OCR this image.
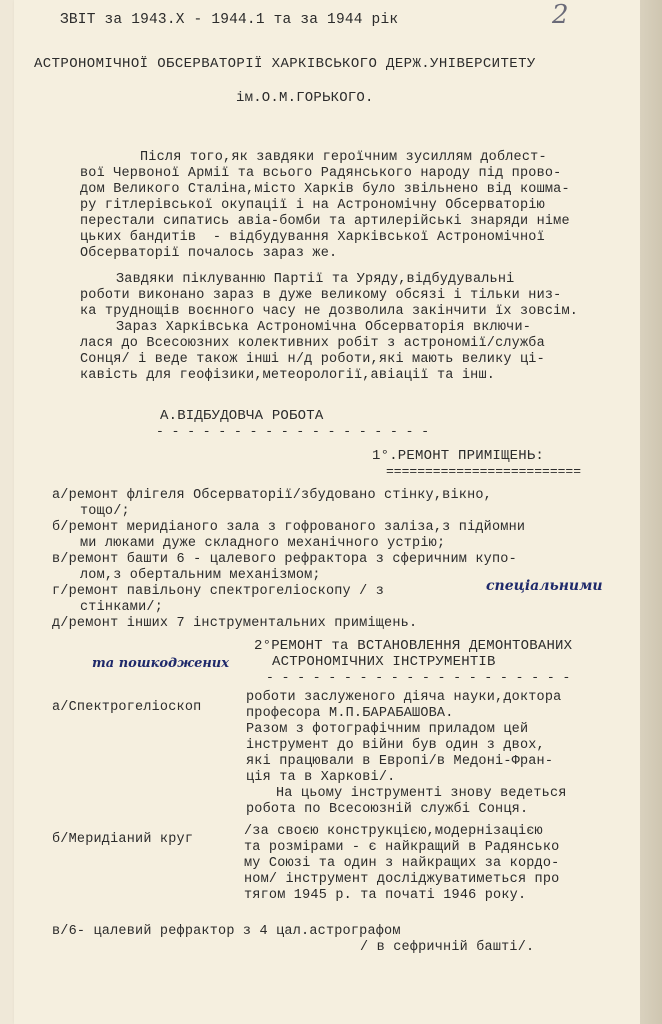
2
ЗВІТ за 1943.Х - 1944.1 та за 1944 рік
АСТРОНОМІЧНОЇ ОБСЕРВАТОРІЇ ХАРКІВСЬКОГО ДЕРЖ.УНІВЕРСИТЕТУ
ім.О.М.ГОРЬКОГО.
Після того,як завдяки героїчним зусиллям доблест-
вої Червоної Армії та всього Радянського народу під прово-
дом Великого Сталіна,місто Харків було звільнено від кошма-
ру гітлерівської окупації і на Астрономічну Обсерваторію
перестали сипатись авіа-бомби та артилерійські знаряди німе
цьких бандитів  - відбудування Харківської Астрономічної
Обсерваторії почалось зараз же.
Завдяки піклуванню Партії та Уряду,відбудувальні
роботи виконано зараз в дуже великому обсязі і тільки низ-
ка труднощів воєнного часу не дозволила закінчити їх зовсім.
Зараз Харківська Астрономічна Обсерваторія включи-
лася до Всесоюзних колективних робіт з астрономії/служба
Сонця/ і веде також інші н/д роботи,які мають велику ці-
кавість для геофізики,метеорології,авіації та інш.
А.ВІДБУДОВЧА РОБОТА
- - - - - - - - - - - - - - - - - -
1°.РЕМОНТ ПРИМІЩЕНЬ:
=========================
а/ремонт флігеля Обсерваторії/збудовано стінку,вікно,
тощо/;
б/ремонт меридіаного зала з гофрованого заліза,з підйомни
ми люками дуже складного механічного устрію;
в/ремонт башти 6 - цалевого рефрактора з сферичним купо-
лом,з обертальним механізмом;
г/ремонт павільону спектрогеліоскопу / з	спеціальними
стінками/;
д/ремонт інших 7 інструментальних приміщень.
2°РЕМОНТ та ВСТАНОВЛЕННЯ ДЕМОНТОВАНИХ
та пошкоджених	АСТРОНОМІЧНИХ ІНСТРУМЕНТІВ
- - - - - - - - - - - - - - - - - - - -
а/Спектрогеліоскоп
роботи заслуженого діяча науки,доктора
професора М.П.БАРАБАШОВА.
Разом з фотографічним приладом цей
інструмент до війни був один з двох,
які працювали в Европі/в Медоні-Фран-
ція та в Харкові/.
На цьому інструменті знову ведеться
робота по Всесоюзній службі Сонця.
б/Меридіаний круг
/за своєю конструкцією,модернізацією
та розмірами - є найкращий в Радянсько
му Союзі та один з найкращих за кордо-
ном/ інструмент досліджуватиметься про
тягом 1945 р. та початі 1946 року.
в/6- цалевий рефрактор з 4 цал.астрографом
/ в сефричній башті/.
